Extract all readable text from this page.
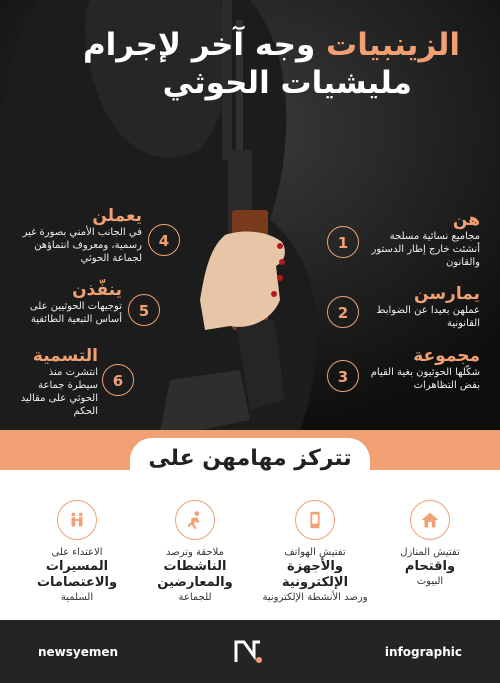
الزينبيات وجه آخر لإجرام
مليشيات الحوثي
1
هن
مجاميع نسائية مسلحة أنشئت خارج إطار الدستور والقانون
2
يمارسن
عملهن بعيدا عن الضوابط القانونية
3
مجموعة
شكّلها الحوثيون بغية القيام بفض التظاهرات
4
يعملن
في الجانب الأمني بصورة غير رسمية، ومعروف انتماؤهن لجماعة الحوثي
5
ينفّذن
توجيهات الحوثيين على أساس التبعية الطائفية
6
التسمية
انتشرت منذ سيطرة جماعة الحوثي على مقاليد الحكم
تتركز مهامهن على
تفتيش المنازل
واقتحام
البيوت
تفتيش الهواتف
والأجهزة الإلكترونية
ورصد الأنشطة الإلكترونية
ملاحقة وترصد
الناشطات والمعارضين
للجماعة
الاعتداء على
المسيرات والاعتصامات
السلمية
newsyemen	infographic
